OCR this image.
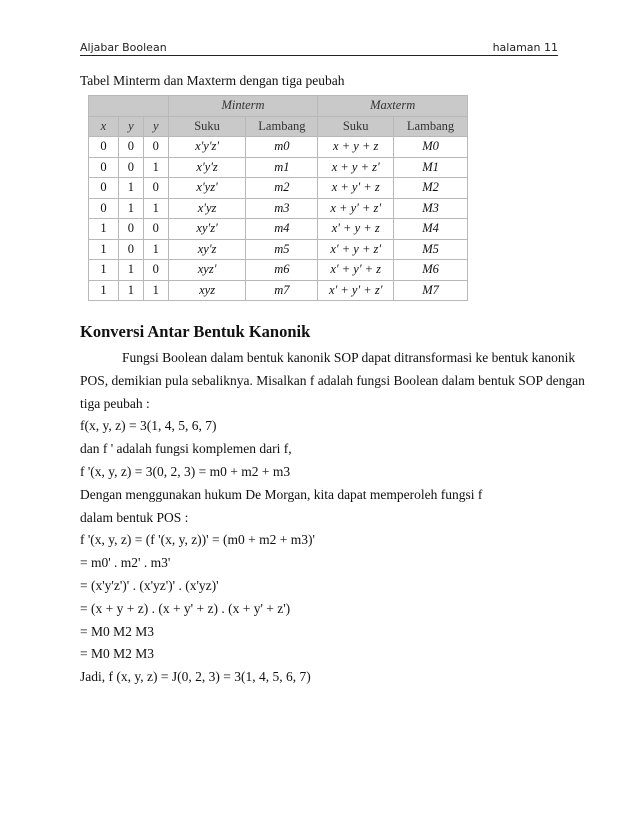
Aljabar Boolean	halaman 11
Tabel Minterm dan Maxterm dengan tiga peubah
			Minterm		Maxterm	
x	y	y	Suku	Lambang	Suku	Lambang
0	0	0	x'y'z'	m0	x + y + z	M0
0	0	1	x'y'z	m1	x + y + z'	M1
0	1	0	x'yz'	m2	x + y' + z	M2
0	1	1	x'yz	m3	x + y' + z'	M3
1	0	0	xy'z'	m4	x' + y + z	M4
1	0	1	xy'z	m5	x' + y + z'	M5
1	1	0	xyz'	m6	x' + y' + z	M6
1	1	1	xyz	m7	x' + y' + z'	M7
Konversi Antar Bentuk Kanonik
Fungsi Boolean dalam bentuk kanonik SOP dapat ditransformasi ke bentuk kanonik
POS, demikian pula sebaliknya. Misalkan f adalah fungsi Boolean dalam bentuk SOP dengan
tiga peubah :
f(x, y, z) = 3(1, 4, 5, 6, 7)
dan f ' adalah fungsi komplemen dari f,
f '(x, y, z) = 3(0, 2, 3) = m0 + m2 + m3
Dengan menggunakan hukum De Morgan, kita dapat memperoleh fungsi f
dalam bentuk POS :
f '(x, y, z) = (f '(x, y, z))' = (m0 + m2 + m3)'
= m0' . m2' . m3'
= (x'y'z')' . (x'yz')' . (x'yz)'
= (x + y + z) . (x + y' + z) . (x + y' + z')
= M0 M2 M3
= M0 M2 M3
Jadi, f (x, y, z) = J(0, 2, 3) = 3(1, 4, 5, 6, 7)
